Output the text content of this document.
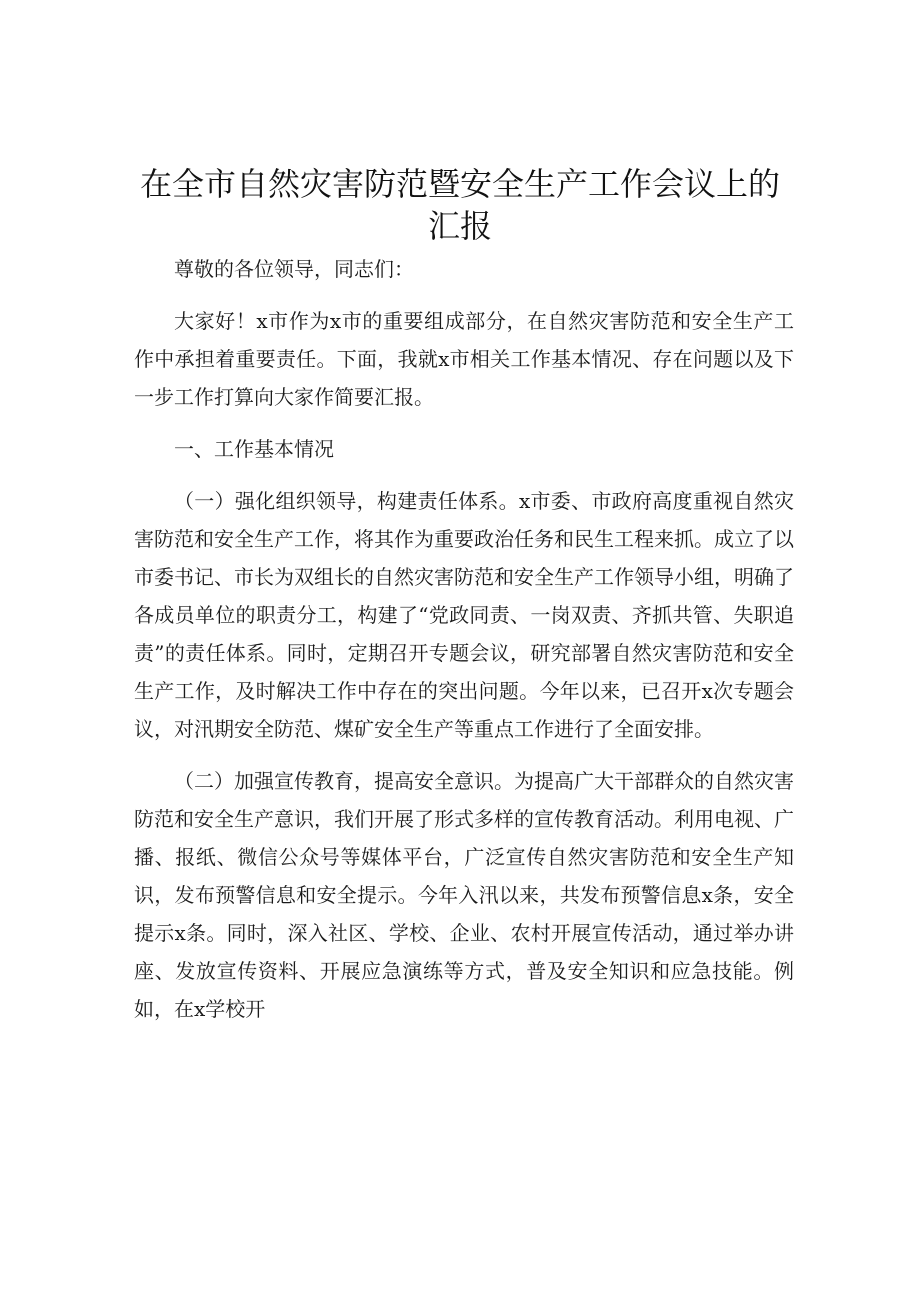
在全市自然灾害防范暨安全生产工作会议上的
汇报

尊敬的各位领导，同志们：

大家好！x市作为x市的重要组成部分，在自然灾害防范和安全生产工作中承担着重要责任。下面，我就x市相关工作基本情况、存在问题以及下一步工作打算向大家作简要汇报。

一、工作基本情况

（一）强化组织领导，构建责任体系。x市委、市政府高度重视自然灾害防范和安全生产工作，将其作为重要政治任务和民生工程来抓。成立了以市委书记、市长为双组长的自然灾害防范和安全生产工作领导小组，明确了各成员单位的职责分工，构建了“党政同责、一岗双责、齐抓共管、失职追责”的责任体系。同时，定期召开专题会议，研究部署自然灾害防范和安全生产工作，及时解决工作中存在的突出问题。今年以来，已召开x次专题会议，对汛期安全防范、煤矿安全生产等重点工作进行了全面安排。

（二）加强宣传教育，提高安全意识。为提高广大干部群众的自然灾害防范和安全生产意识，我们开展了形式多样的宣传教育活动。利用电视、广播、报纸、微信公众号等媒体平台，广泛宣传自然灾害防范和安全生产知识，发布预警信息和安全提示。今年入汛以来，共发布预警信息x条，安全提示x条。同时，深入社区、学校、企业、农村开展宣传活动，通过举办讲座、发放宣传资料、开展应急演练等方式，普及安全知识和应急技能。例如，在x学校开
